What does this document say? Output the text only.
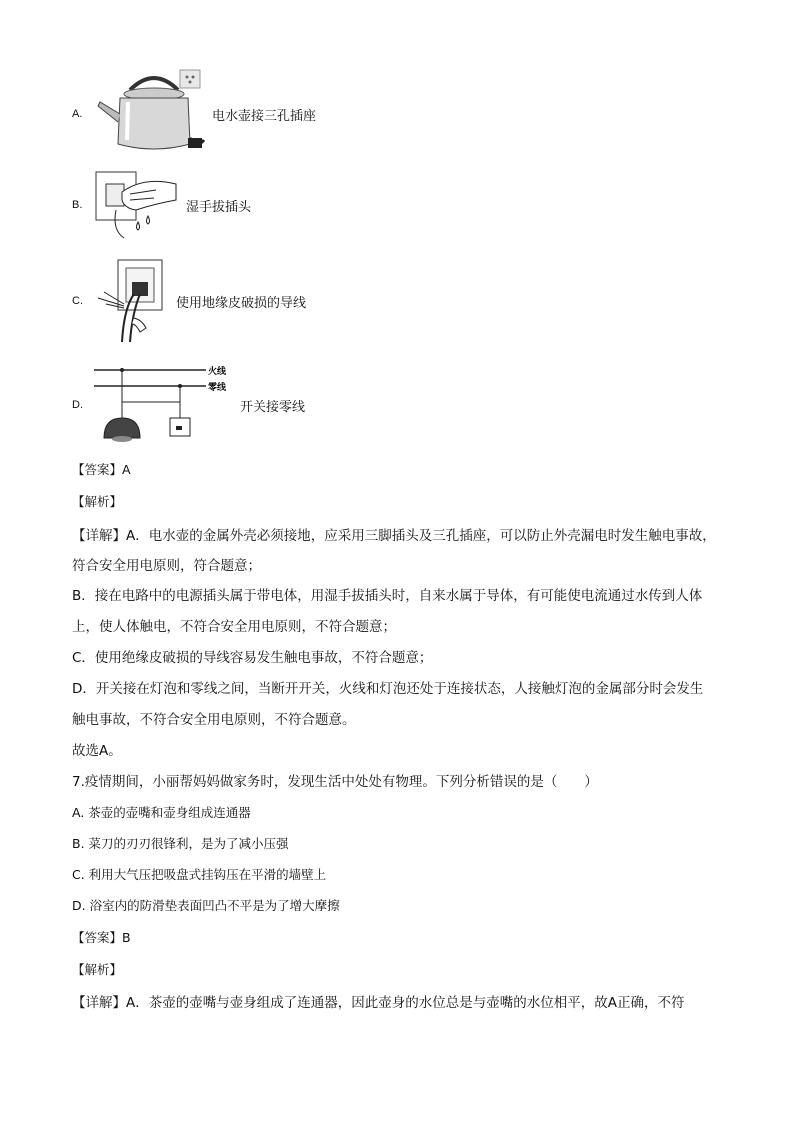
A.	电水壶接三孔插座
B.	湿手拔插头
C.	使用地缘皮破损的导线
D.
火线
零线
开关接零线
【答案】A
【解析】
【详解】A．电水壶的金属外壳必须接地，应采用三脚插头及三孔插座，可以防止外壳漏电时发生触电事故，
符合安全用电原则，符合题意；
B．接在电路中的电源插头属于带电体，用湿手拔插头时，自来水属于导体，有可能使电流通过水传到人体
上，使人体触电，不符合安全用电原则，不符合题意；
C．使用绝缘皮破损的导线容易发生触电事故，不符合题意；
D．开关接在灯泡和零线之间，当断开开关，火线和灯泡还处于连接状态，人接触灯泡的金属部分时会发生
触电事故，不符合安全用电原则，不符合题意。
故选A。
7.疫情期间，小丽帮妈妈做家务时，发现生活中处处有物理。下列分析错误的是（　　）
A. 茶壶的壶嘴和壶身组成连通器
B. 菜刀的刃刃很锋利，是为了减小压强
C. 利用大气压把吸盘式挂钩压在平滑的墙壁上
D. 浴室内的防滑垫表面凹凸不平是为了增大摩擦
【答案】B
【解析】
【详解】A．茶壶的壶嘴与壶身组成了连通器，因此壶身的水位总是与壶嘴的水位相平，故A正确，不符
